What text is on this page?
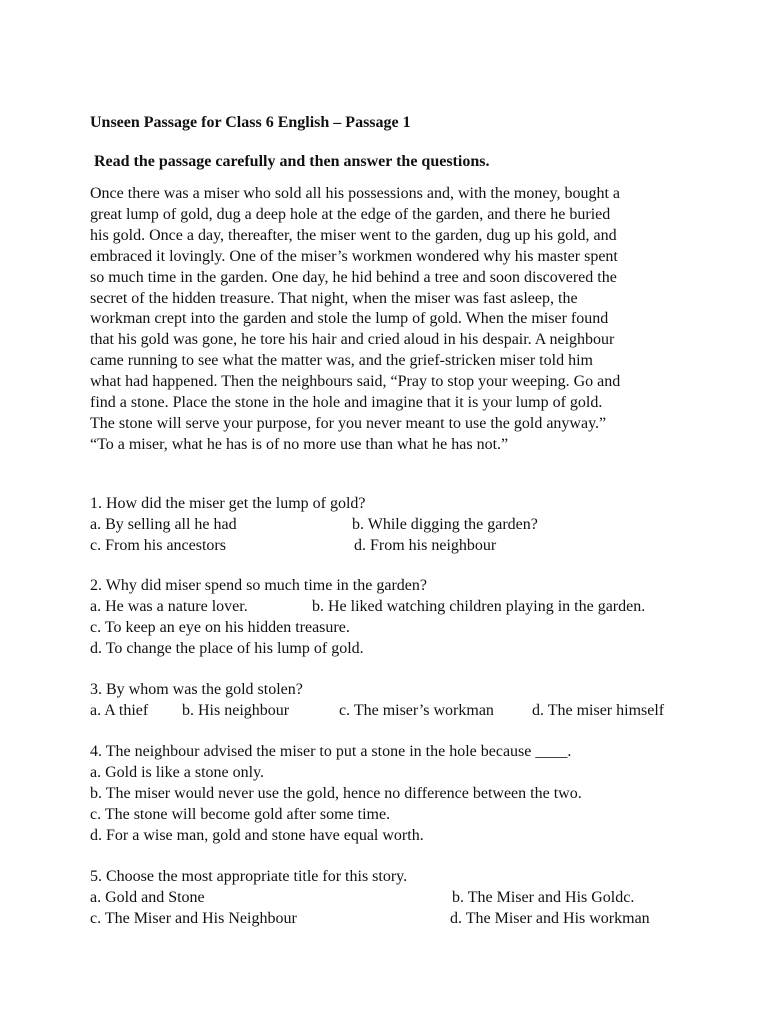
Unseen Passage for Class 6 English – Passage 1
Read the passage carefully and then answer the questions.
Once there was a miser who sold all his possessions and, with the money, bought a
great lump of gold, dug a deep hole at the edge of the garden, and there he buried
his gold. Once a day, thereafter, the miser went to the garden, dug up his gold, and
embraced it lovingly. One of the miser’s workmen wondered why his master spent
so much time in the garden. One day, he hid behind a tree and soon discovered the
secret of the hidden treasure. That night, when the miser was fast asleep, the
workman crept into the garden and stole the lump of gold. When the miser found
that his gold was gone, he tore his hair and cried aloud in his despair. A neighbour
came running to see what the matter was, and the grief-stricken miser told him
what had happened. Then the neighbours said, “Pray to stop your weeping. Go and
find a stone. Place the stone in the hole and imagine that it is your lump of gold.
The stone will serve your purpose, for you never meant to use the gold anyway.”
“To a miser, what he has is of no more use than what he has not.”
1. How did the miser get the lump of gold?
a. By selling all he had	b. While digging the garden?
c. From his ancestors	d. From his neighbour
2. Why did miser spend so much time in the garden?
a. He was a nature lover.	b. He liked watching children playing in the garden.
c. To keep an eye on his hidden treasure.
d. To change the place of his lump of gold.
3. By whom was the gold stolen?
a. A thief b. His neighbour	c. The miser’s workman d. The miser himself
4. The neighbour advised the miser to put a stone in the hole because ____.
a. Gold is like a stone only.
b. The miser would never use the gold, hence no difference between the two.
c. The stone will become gold after some time.
d. For a wise man, gold and stone have equal worth.
5. Choose the most appropriate title for this story.
a. Gold and Stone	b. The Miser and His Goldc.
c. The Miser and His Neighbour	d. The Miser and His workman
